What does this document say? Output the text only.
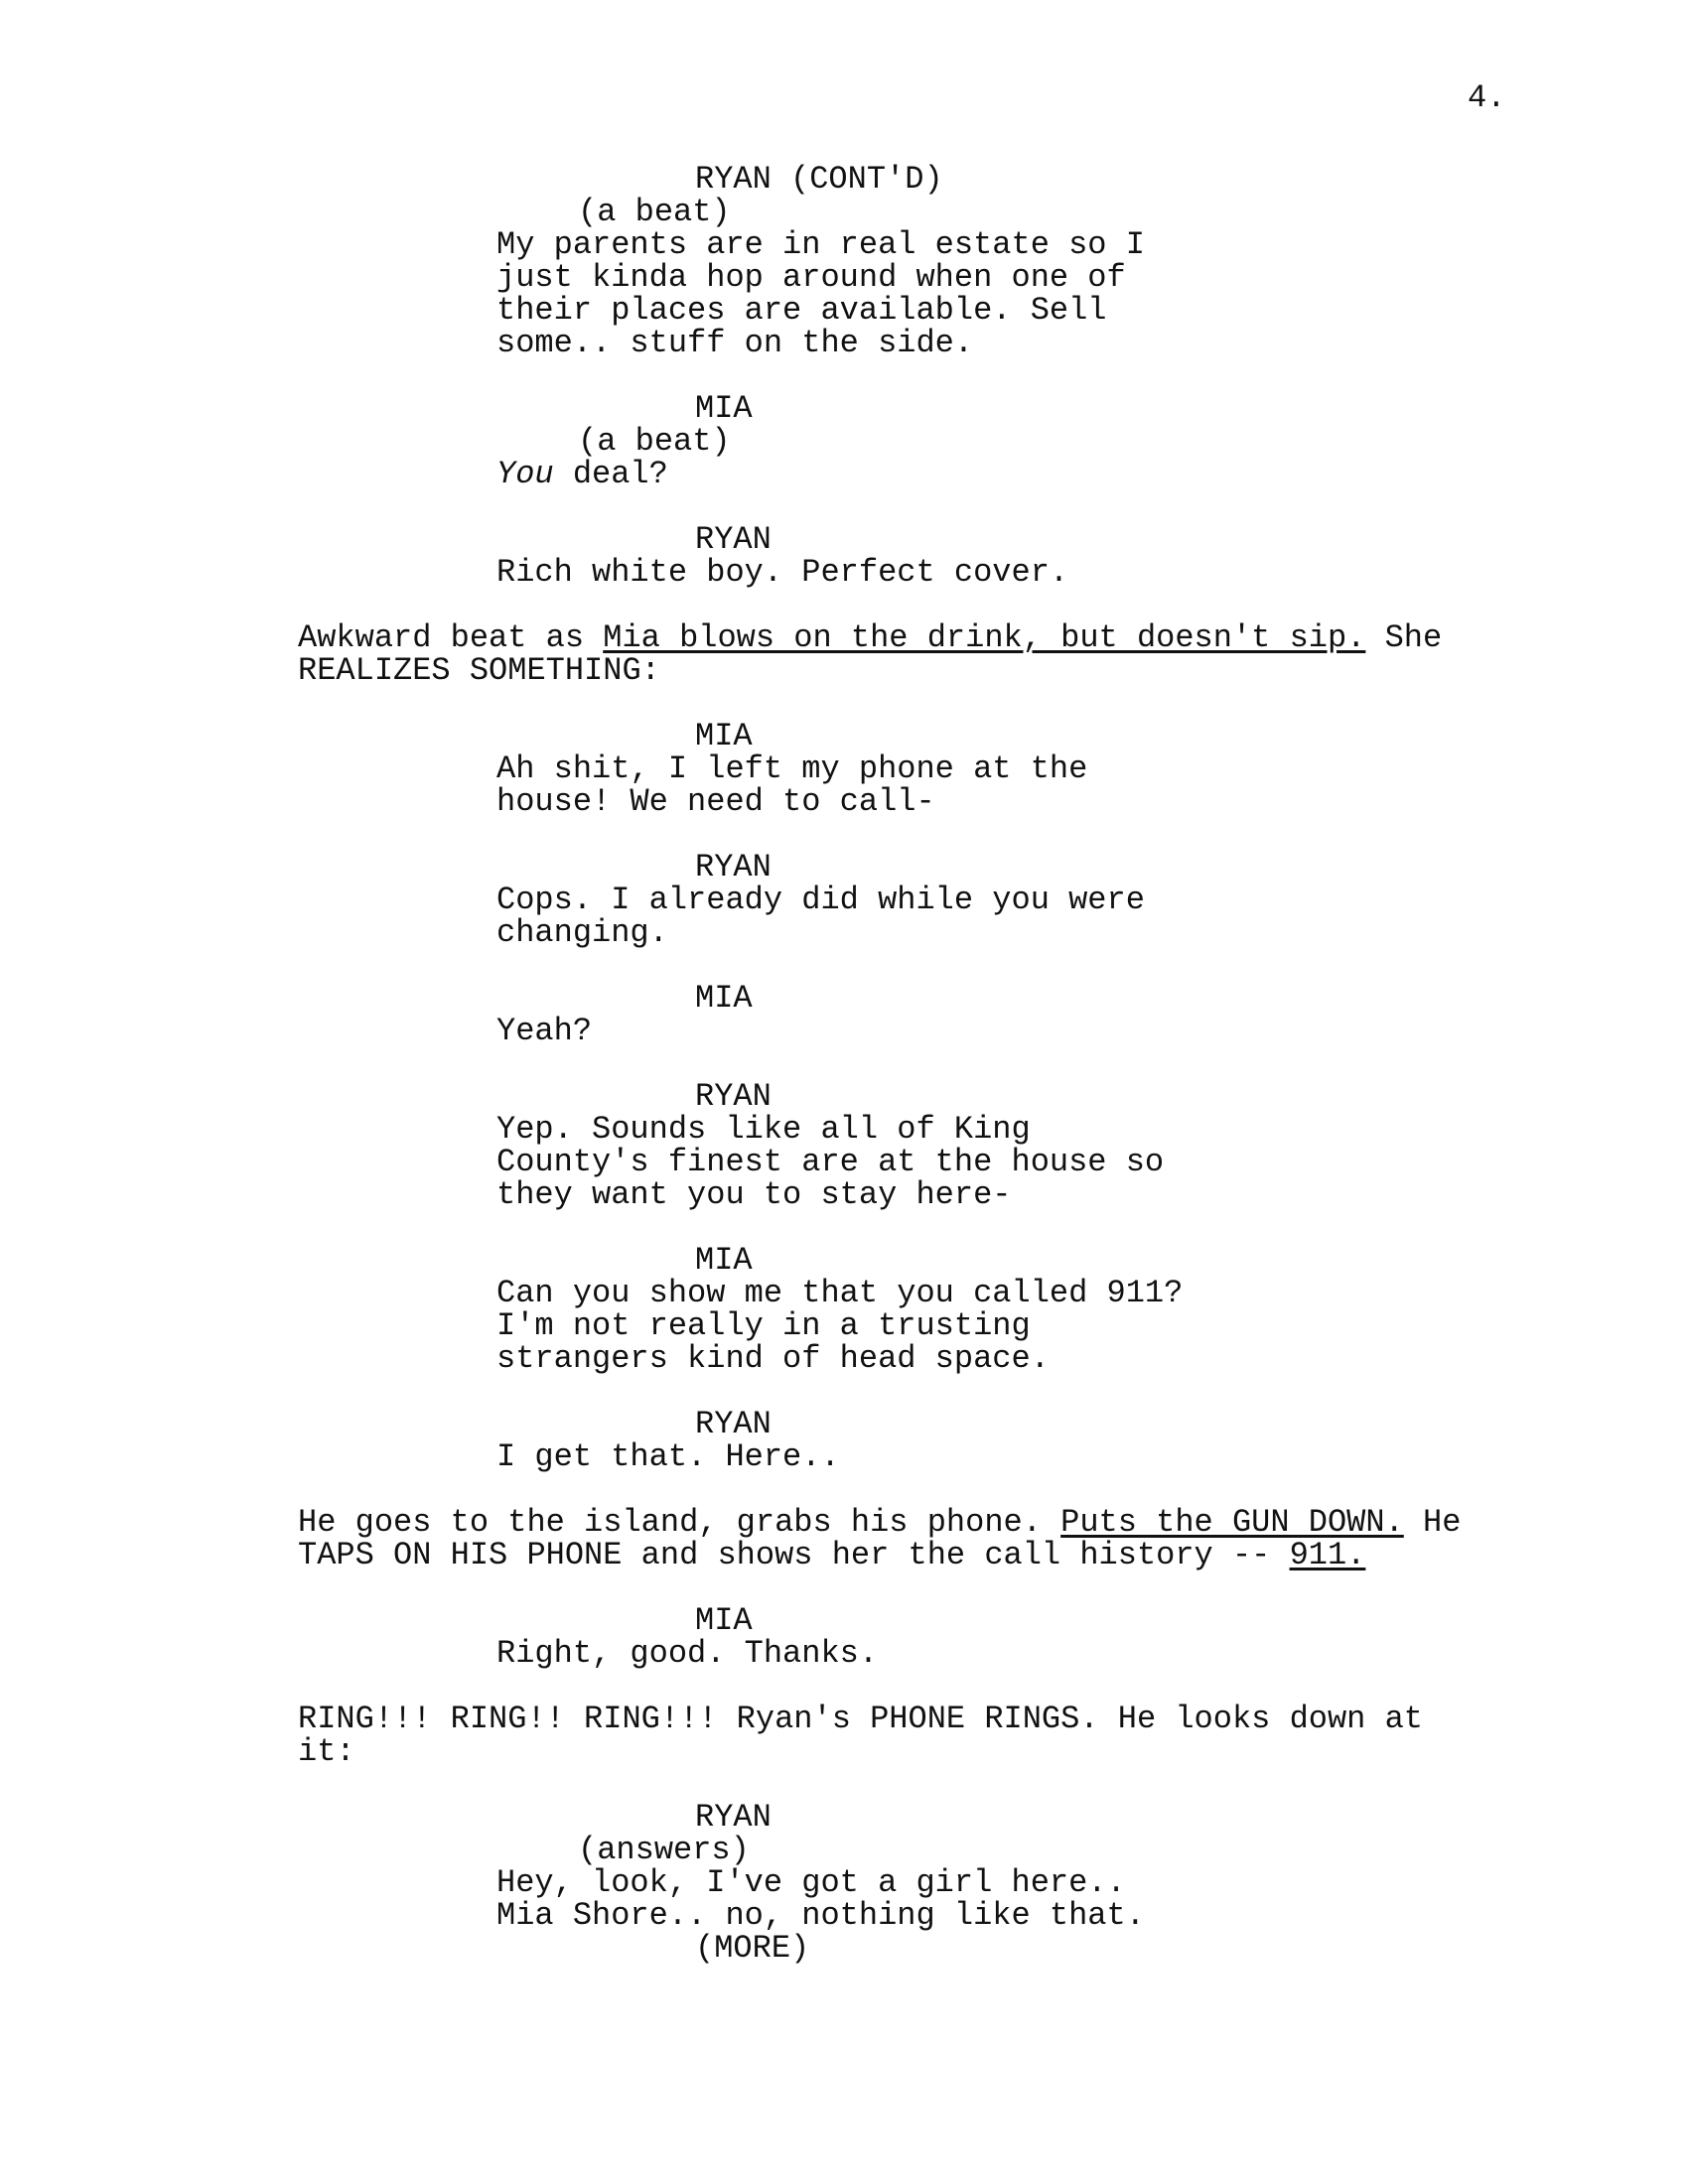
4.
RYAN (CONT'D)
(a beat)
My parents are in real estate so I
just kinda hop around when one of
their places are available. Sell
some.. stuff on the side.
MIA
(a beat)
You deal?
RYAN
Rich white boy. Perfect cover.
Awkward beat as Mia blows on the drink, but doesn't sip. She
REALIZES SOMETHING:
MIA
Ah shit, I left my phone at the
house! We need to call-
RYAN
Cops. I already did while you were
changing.
MIA
Yeah?
RYAN
Yep. Sounds like all of King
County's finest are at the house so
they want you to stay here-
MIA
Can you show me that you called 911?
I'm not really in a trusting
strangers kind of head space.
RYAN
I get that. Here..
He goes to the island, grabs his phone. Puts the GUN DOWN. He
TAPS ON HIS PHONE and shows her the call history -- 911.
MIA
Right, good. Thanks.
RING!!! RING!! RING!!! Ryan's PHONE RINGS. He looks down at
it:
RYAN
(answers)
Hey, look, I've got a girl here..
Mia Shore.. no, nothing like that.
(MORE)
